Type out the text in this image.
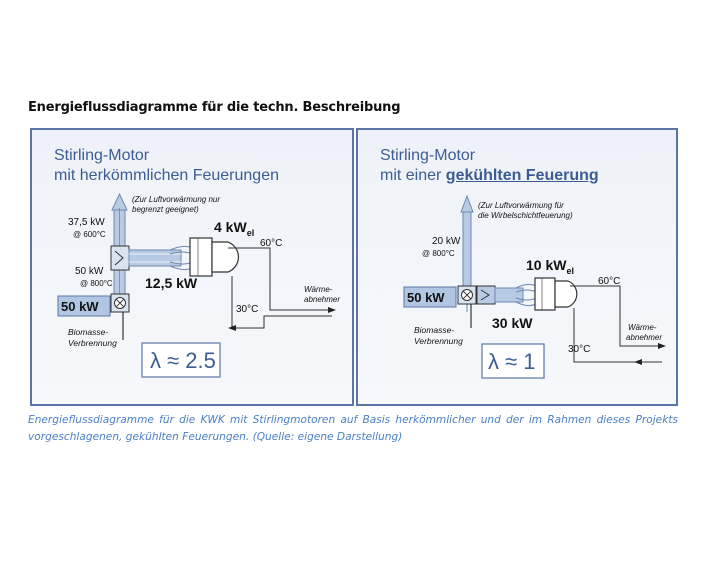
Energieflussdiagramme für die techn. Beschreibung
Stirling-Motor
mit herkömmlichen Feuerungen
(Zur Luftvorwärmung nur
begrenzt geeignet)
37,5 kW
@ 600°C
50 kW
@ 800°C
50 kW
12,5 kW
4 $kW_{el}$
60°C
30°C
Wärme-
abnehmer
Biomasse-
Verbrennung
λ ≈ 2.5
Stirling-Motor
mit einer gekühlten Feuerung
(Zur Luftvorwärmung für
die Wirbelschichtfeuerung)
20 kW
@ 800°C
50 kW
30 kW
10 $kW_{el}$
60°C
30°C
Wärme-
abnehmer
Biomasse-
Verbrennung
λ ≈ 1
Energieflussdiagramme für die KWK mit Stirlingmotoren auf Basis herkömmlicher und der im Rahmen dieses Projekts vorgeschlagenen, gekühlten Feuerungen. (Quelle: eigene Darstellung)
